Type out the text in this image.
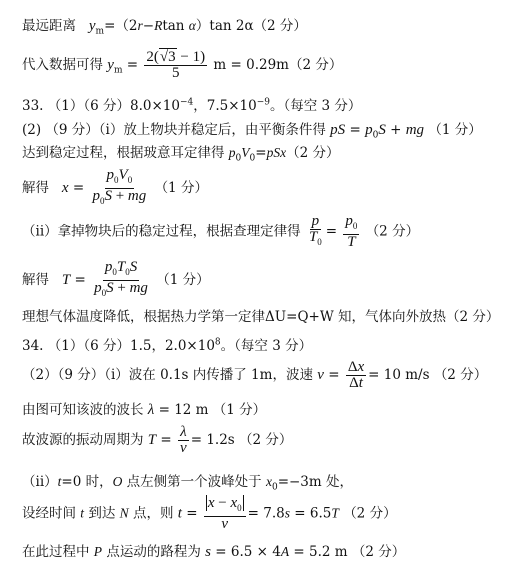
最远距离 $y_m=(2r-Rtan$ α）tan 2α（2 分）
代入数据可得 $y_m = \frac{2(√3 - 1)}{5}$ m = 0.29m（2 分）
33. （1）（6 分）$8.0\times 10^{-4}$，$7.5\times 10^{-9}$。（每空 3 分）
(2) （9 分）（i）放上物块并稳定后，由平衡条件得 pS = $p_0S$ + mg （1 分）
达到稳定过程，根据玻意耳定律得 $p_0V_0=pSx(2$ 分）
解得 $x = \frac{p_0V_0}{p_0S + mg} (1$ 分）
（ii）拿掉物块后的稳定过程，根据查理定律得 $\frac{p}{T_0} = \frac{p_0}{T} (2$ 分）
解得 $T = \frac{p_0T_0S}{p_0S + mg} (1$ 分）
理想气体温度降低，根据热力学第一定律ΔU=Q+W 知，气体向外放热（2 分）
34. （1）（6 分）1.5，$2.0\times 10^8$。（每空 3 分）
（2）（9 分）（i）波在 0.1s 内传播了 1m，波速 $v = \frac{\Delta x}{\Delta t} = 10$ m/s （2 分）
由图可知该波的波长 λ = 12 m （1 分）
故波源的振动周期为 $T = \frac{\lambda}{v} = 1.2s$ （2 分）
（ii）t=0 时，O 点左侧第一个波峰处于 $x_0=-3m$ 处，
设经时间 t 到达 N 点，则 $t = \frac{x - x_0}{v} = 7.8s = 6.5T$ （2 分）
在此过程中 P 点运动的路程为 s = 6.5 × 4A = 5.2 m （2 分）
